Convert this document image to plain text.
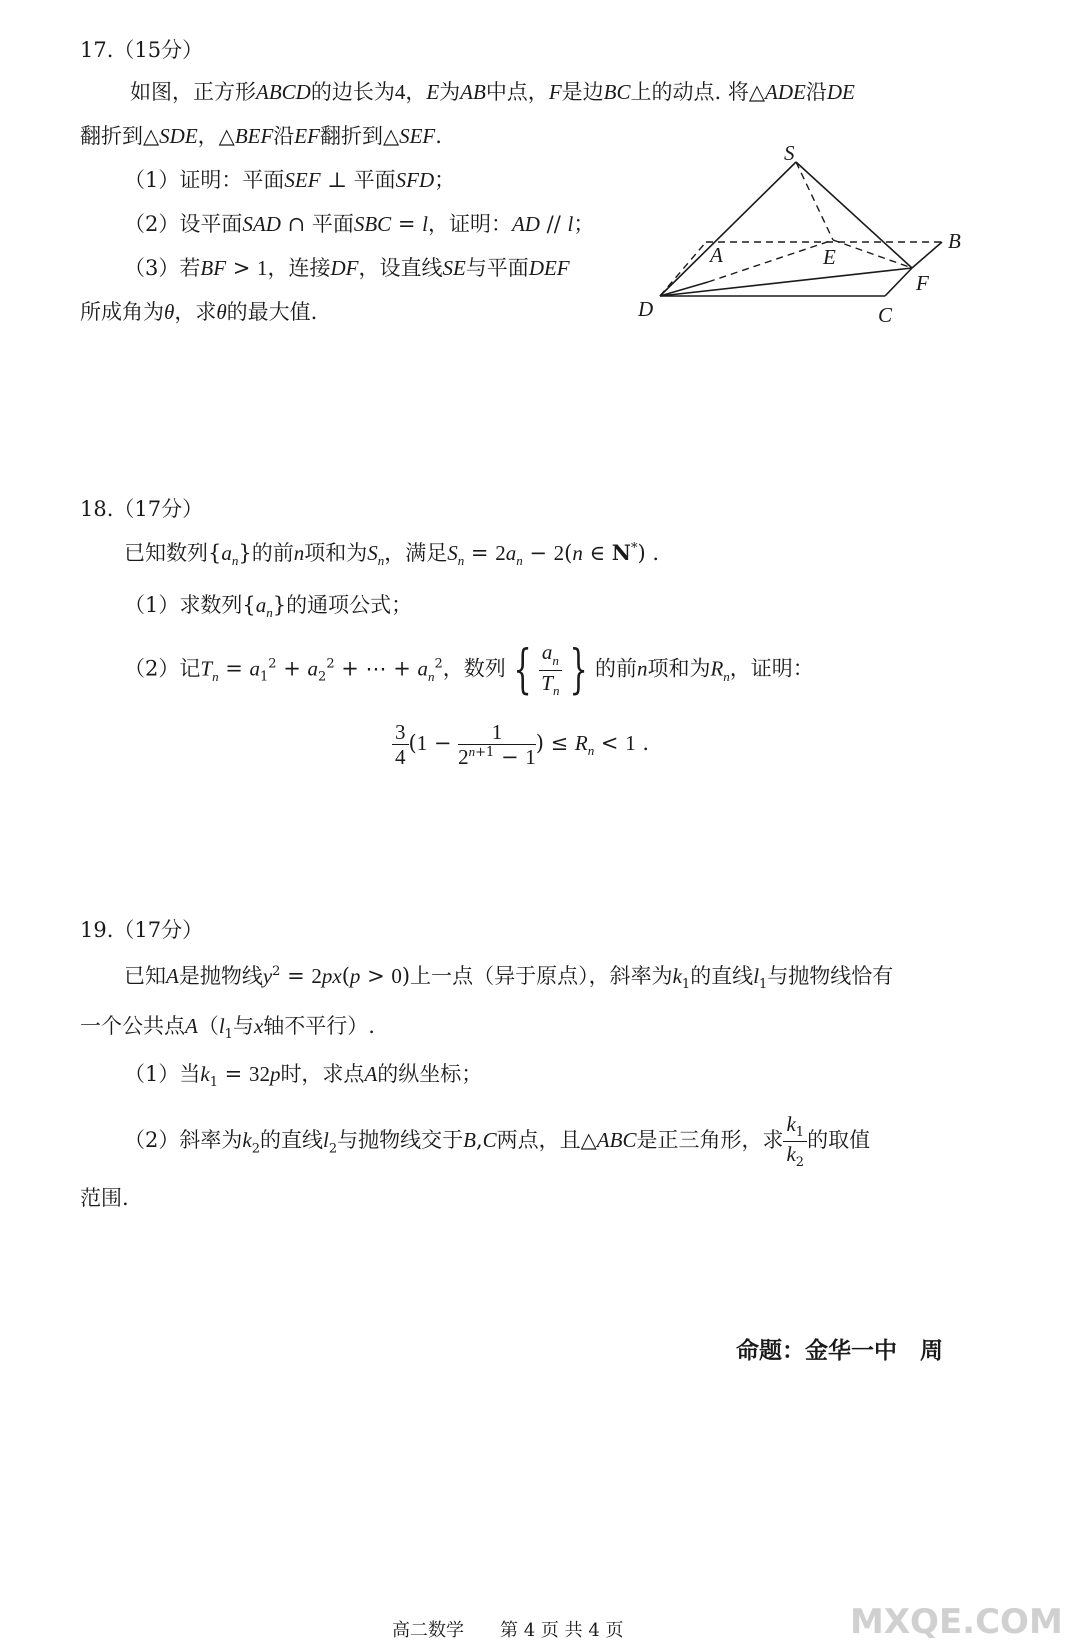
17.（15分）
如图，正方形ABCD的边长为4，E为AB中点，F是边BC上的动点. 将△ADE沿DE
翻折到△SDE，△BEF沿EF翻折到△SEF.
（1）证明：平面SEF ⊥ 平面SFD；
（2）设平面SAD ∩ 平面SBC = l，证明：AD // l；
（3）若BF > 1，连接DF，设直线SE与平面DEF
所成角为θ，求θ的最大值.
S
A	E
B
F
D	C
18.（17分）
已知数列$\{a_n\}$的前n项和为$S_n$，满足$S_n = 2a_n - 2(n$ ∈ N*) .
（1）求数列$\{a_n\}$的通项公式；
（2）记$T_n = a_1^2 + a_2^2$ + ⋯ + $a_n^2$，数列 { $\frac{a_n}{T_n}$ } 的前n项和为$R_n$，证明：
$\frac{3}{4} (1 - \frac{1}{2^{n+1} - 1}$ ) ≤ $R_n < 1$ .
19.（17分）
已知A是抛物线$y^2 = 2px(p > 0)$上一点（异于原点），斜率为$k_1$的直线$l_1$与抛物线恰有
一个公共点$A(l_1$与x轴不平行）.
（1）当$k_1 = 32p$时，求点A的纵坐标；
（2）斜率为$k_2$的直线$l_2$与抛物线交于B,C两点，且△ABC是正三角形，求 $\frac{k_1}{k_2}$ 的取值
范围.
命题：金华一中　周
高二数学　　第 4 页 共 4 页	MXQE.COM
